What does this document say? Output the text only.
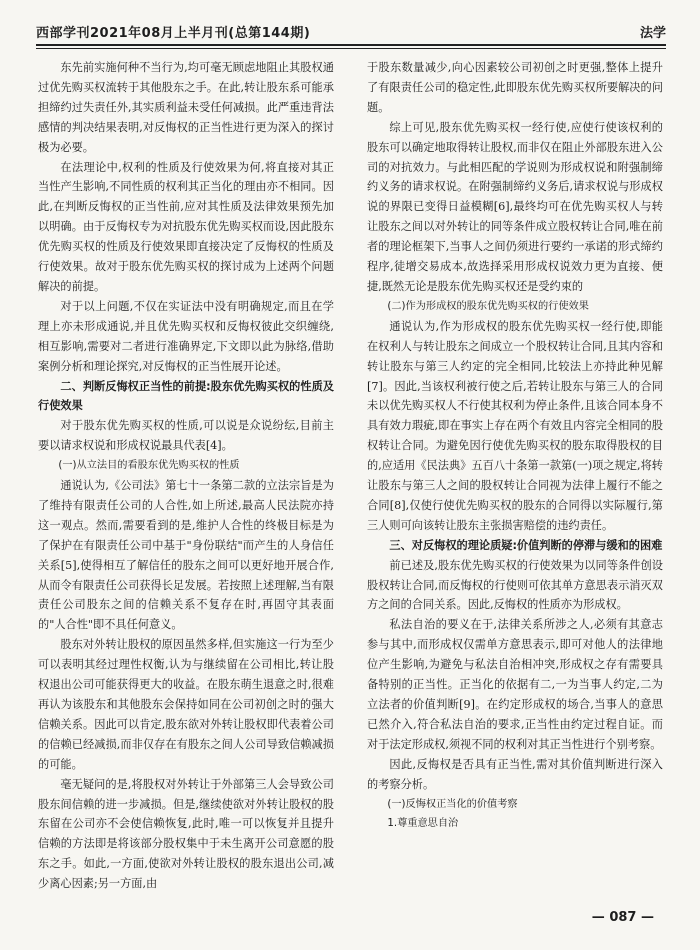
西部学刊2021年08月上半月刊(总第144期)	法学

东先前实施何种不当行为,均可毫无顾虑地阻止其股权通过优先购买权流转于其他股东之手。在此,转让股东系可能承担缔约过失责任外,其实质利益未受任何减损。此严重违背法感情的判决结果表明,对反悔权的正当性进行更为深入的探讨极为必要。

在法理论中,权利的性质及行使效果为何,将直接对其正当性产生影响,不同性质的权利其正当化的理由亦不相同。因此,在判断反悔权的正当性前,应对其性质及法律效果预先加以明确。由于反悔权专为对抗股东优先购买权而设,因此股东优先购买权的性质及行使效果即直接决定了反悔权的性质及行使效果。故对于股东优先购买权的探讨成为上述两个问题解决的前提。

对于以上问题,不仅在实证法中没有明确规定,而且在学理上亦未形成通说,并且优先购买权和反悔权彼此交织缠绕,相互影响,需要对二者进行准确界定,下文即以此为脉络,借助案例分析和理论探究,对反悔权的正当性展开论述。

二、判断反悔权正当性的前提:股东优先购买权的性质及行使效果

对于股东优先购买权的性质,可以说是众说纷纭,目前主要以请求权说和形成权说最具代表[4]。

(一)从立法目的看股东优先购买权的性质

通说认为,《公司法》第七十一条第二款的立法宗旨是为了维持有限责任公司的人合性,如上所述,最高人民法院亦持这一观点。然而,需要看到的是,维护人合性的终极目标是为了保护在有限责任公司中基于"身份联结"而产生的人身信任关系[5],使得相互了解信任的股东之间可以更好地开展合作,从而令有限责任公司获得长足发展。若按照上述理解,当有限责任公司股东之间的信赖关系不复存在时,再固守其表面的"人合性"即不具任何意义。

股东对外转让股权的原因虽然多样,但实施这一行为至少可以表明其经过理性权衡,认为与继续留在公司相比,转让股权退出公司可能获得更大的收益。在股东萌生退意之时,很难再认为该股东和其他股东会保持如同在公司初创之时的强大信赖关系。因此可以肯定,股东欲对外转让股权即代表着公司的信赖已经减损,而非仅存在有股东之间人公司导致信赖减损的可能。

毫无疑问的是,将股权对外转让于外部第三人会导致公司股东间信赖的进一步减损。但是,继续使欲对外转让股权的股东留在公司亦不会使信赖恢复,此时,唯一可以恢复并且提升信赖的方法即是将该部分股权集中于未生离开公司意愿的股东之手。如此,一方面,使欲对外转让股权的股东退出公司,减少离心因素;另一方面,由

于股东数量减少,向心因素较公司初创之时更强,整体上提升了有限责任公司的稳定性,此即股东优先购买权所要解决的问题。

综上可见,股东优先购买权一经行使,应使行使该权利的股东可以确定地取得转让股权,而非仅在阻止外部股东进入公司的对抗效力。与此相匹配的学说则为形成权说和附强制缔约义务的请求权说。在附强制缔约义务后,请求权说与形成权说的界限已变得日益模糊[6],最终均可在优先购买权人与转让股东之间以对外转让的同等条件成立股权转让合同,唯在前者的理论框架下,当事人之间仍须进行要约一承诺的形式缔约程序,徒增交易成本,故选择采用形成权说效力更为直接、便捷,既然无论是股东优先购买权还是受约束的

(二)作为形成权的股东优先购买权的行使效果

通说认为,作为形成权的股东优先购买权一经行使,即能在权利人与转让股东之间成立一个股权转让合同,且其内容和转让股东与第三人约定的完全相同,比较法上亦持此种见解[7]。因此,当该权利被行使之后,若转让股东与第三人的合同未以优先购买权人不行使其权利为停止条件,且该合同本身不具有效力瑕疵,即在事实上存在两个有效且内容完全相同的股权转让合同。为避免因行使优先购买权的股东取得股权的目的,应适用《民法典》五百八十条第一款第(一)项之规定,将转让股东与第三人之间的股权转让合同视为法律上履行不能之合同[8],仅使行使优先购买权的股东的合同得以实际履行,第三人则可向该转让股东主张损害赔偿的违约责任。

三、对反悔权的理论质疑:价值判断的停滞与缓和的困难

前已述及,股东优先购买权的行使效果为以同等条件创设股权转让合同,而反悔权的行使则可依其单方意思表示消灭双方之间的合同关系。因此,反悔权的性质亦为形成权。

私法自治的要义在于,法律关系所涉之人,必须有其意志参与其中,而形成权仅需单方意思表示,即可对他人的法律地位产生影响,为避免与私法自治相冲突,形成权之存有需要具备特别的正当性。正当化的依据有二,一为当事人约定,二为立法者的价值判断[9]。在约定形成权的场合,当事人的意思已然介入,符合私法自治的要求,正当性由约定过程自证。而对于法定形成权,须视不同的权利对其正当性进行个别考察。

因此,反悔权是否具有正当性,需对其价值判断进行深入的考察分析。

(一)反悔权正当化的价值考察
1.尊重意思自治
— 087 —
